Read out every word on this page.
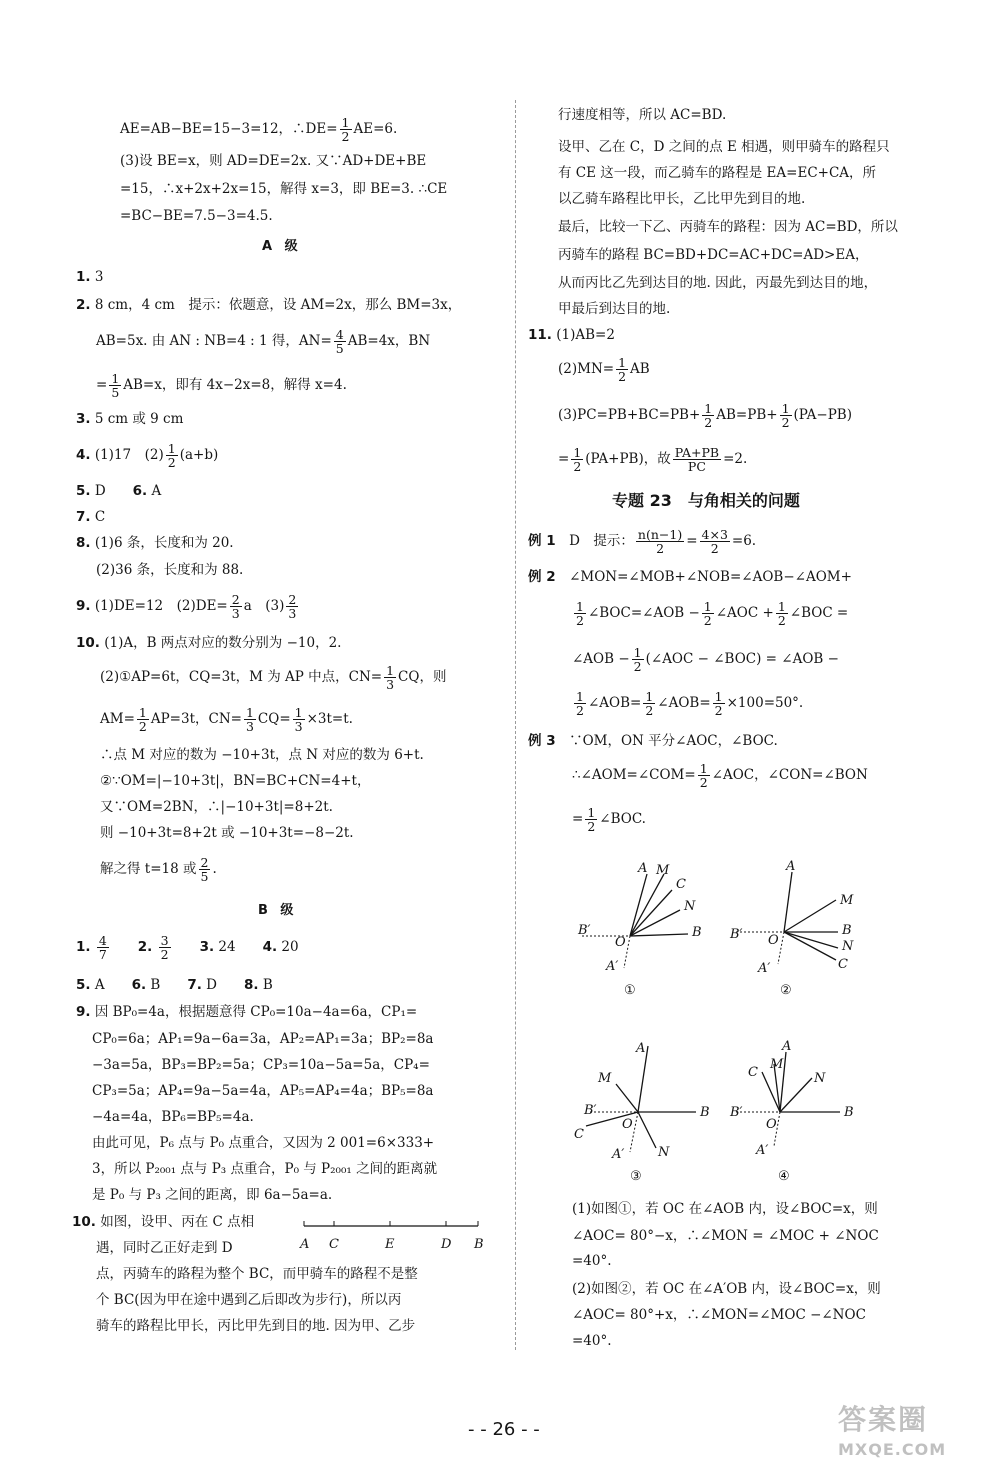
AE=AB−BE=15−3=12，∴DE= $\frac{1}{2} AE=6$.
(3)设 BE=x，则 AD=DE=2x. 又∵AD+DE+BE
=15，∴x+2x+2x=15，解得 x=3，即 BE=3. ∴CE
=BC−BE=7.5−3=4.5.
A 级
1. 3
2. 8 cm，4 cm　提示：依题意，设 AM=2x，那么 BM=3x，
AB=5x. 由 AN : NB=4 : 1 得，$AN= \frac{4}{5} AB=4x$，BN
= $\frac{1}{5} AB=x$，即有 4x−2x=8，解得 x=4.
3. 5 cm 或 9 cm
4. (1)17　$(2) \frac{1}{2} (a+b)$
5. D　　6. A
7. C
8. (1)6 条，长度和为 20.
(2)36 条，长度和为 88.
9. (1)DE=12　$(2)DE= \frac{2}{3}$ a　$(3) \frac{2}{3}$
10. (1)A，B 两点对应的数分别为 −10，2.
(2)①AP=6t，CQ=3t，M 为 AP 中点，$CN= \frac{1}{3}$ CQ，则
$AM= \frac{1}{2} AP=3t$，$CN= \frac{1}{3} CQ= \frac{1}{3} \times 3t=t$.
∴点 M 对应的数为 −10+3t，点 N 对应的数为 6+t.
②∵OM=|−10+3t|，BN=BC+CN=4+t，
又∵OM=2BN，∴|−10+3t|=8+2t.
则 −10+3t=8+2t 或 −10+3t=−8−2t.
解之得 t=18 或 $\frac{2}{5}$ .
B 级
1. $\frac{4}{7}$
　　 2. $\frac{3}{2}$
　　 3. 24　　 4. 20
5. A　　 6. B　　 7. D　　 8. B
9. 因 BP₀=4a，根据题意得 CP₀=10a−4a=6a，CP₁=
CP₀=6a；AP₁=9a−6a=3a，AP₂=AP₁=3a；BP₂=8a
−3a=5a，BP₃=BP₂=5a；CP₃=10a−5a=5a，CP₄=
CP₃=5a；AP₄=9a−5a=4a，AP₅=AP₄=4a；BP₅=8a
−4a=4a，BP₆=BP₅=4a.
由此可见，P₆ 点与 P₀ 点重合，又因为 2 001=6×333+
3，所以 P₂₀₀₁ 点与 P₃ 点重合，P₀ 与 P₂₀₀₁ 之间的距离就
是 P₀ 与 P₃ 之间的距离，即 6a−5a=a.
10. 如图，设甲、丙在 C 点相
遇，同时乙正好走到 D	A C	E	D B
点，丙骑车的路程为整个 BC，而甲骑车的路程不是整
个 BC(因为甲在途中遇到乙后即改为步行)，所以丙
骑车的路程比甲长，丙比甲先到目的地. 因为甲、乙步
行速度相等，所以 AC=BD.
设甲、乙在 C，D 之间的点 E 相遇，则甲骑车的路程只
有 CE 这一段，而乙骑车的路程是 EA=EC+CA，所
以乙骑车路程比甲长，乙比甲先到目的地.
最后，比较一下乙、丙骑车的路程：因为 AC=BD，所以
丙骑车的路程 BC=BD+DC=AC+DC=AD>EA，
从而丙比乙先到达目的地. 因此，丙最先到达目的地，
甲最后到达目的地.
11. (1)AB=2
$(2)MN= \frac{1}{2}$ AB
$(3)PC=PB+BC=PB+ \frac{1}{2} AB=PB+ \frac{1}{2} (PA-PB)$
= $\frac{1}{2} (PA+PB)$，故 $\frac{PA+PB}{PC} =2$.
专题 23　与角相关的问题
例 1　 D　提示： $\frac{n(n-1)}{2} = \frac{4\times 3}{2} =6$.
例 2　 ∠MON=∠MOB+∠NOB=∠AOB−∠AOM+
$\frac{1}{2}$ ∠BOC=∠AOB − $\frac{1}{2}$ ∠AOC + $\frac{1}{2}$ ∠BOC =
∠AOB − $\frac{1}{2}$ (∠AOC − ∠BOC) = ∠AOB −
$\frac{1}{2}$ ∠AOB= $\frac{1}{2}$ ∠AOB= $\frac{1}{2} \times 100=50^\circ$.
例 3　 ∵OM，ON 平分∠AOC，∠BOC.
∴∠AOM=∠COM= $\frac{1}{2}$ ∠AOC，∠CON=∠BON
= $\frac{1}{2}$ ∠BOC.
A M
C
N
B
B′
O
A′
①
A
M
B
N
C
B′ O
A′
②
A
M
B
B′
C
O
N
A′
③
A
C
M
N
B
B′
O
A′
④
(1)如图①，若 OC 在∠AOB 内，设∠BOC=x，则
∠AOC= 80°−x，∴∠MON = ∠MOC + ∠NOC
=40°.
(2)如图②，若 OC 在∠A′OB 内，设∠BOC=x，则
∠AOC= 80°+x，∴∠MON=∠MOC −∠NOC
=40°.
- - 26 - -	答案圈
MXQE.COM
